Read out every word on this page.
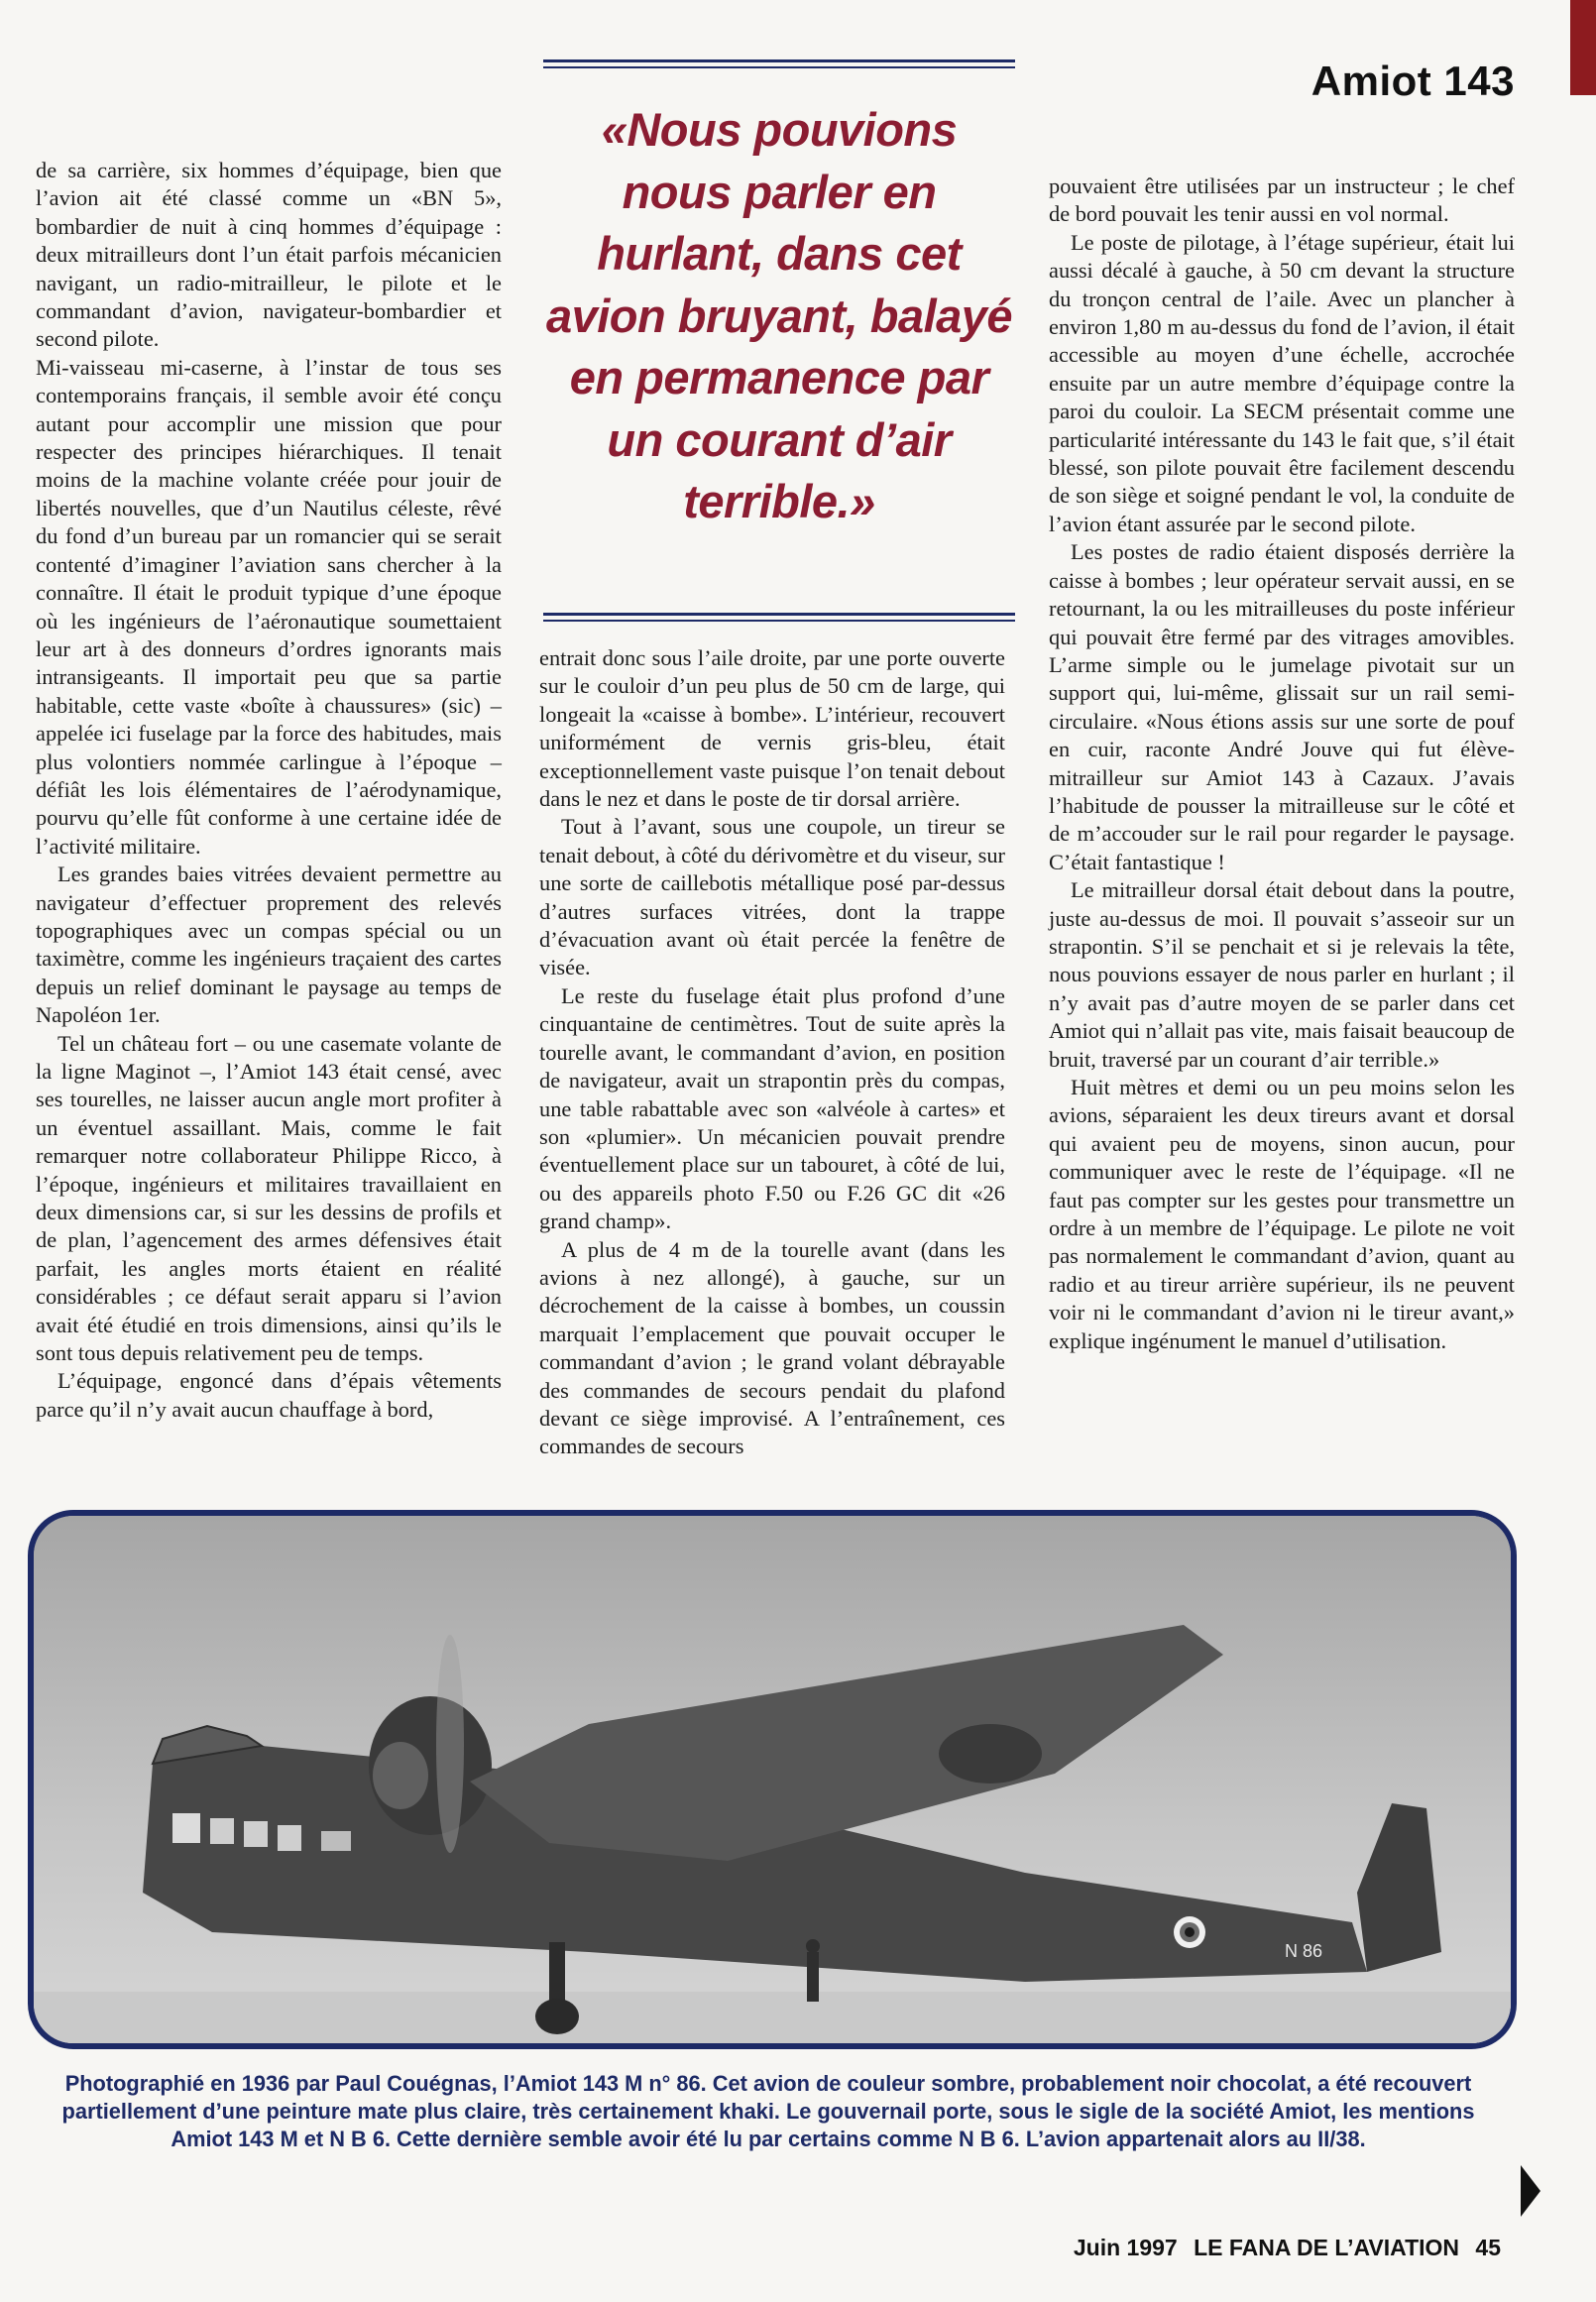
Amiot 143

de sa carrière, six hommes d’équipage, bien que l’avion ait été classé comme un «BN 5», bombardier de nuit à cinq hommes d’équipage : deux mitrailleurs dont l’un était parfois mécanicien navigant, un radio-mitrailleur, le pilote et le commandant d’avion, navigateur-bombardier et second pilote.

Mi-vaisseau mi-caserne, à l’instar de tous ses contemporains français, il semble avoir été conçu autant pour accomplir une mission que pour respecter des principes hiérarchiques. Il tenait moins de la machine volante créée pour jouir de libertés nouvelles, que d’un Nautilus céleste, rêvé du fond d’un bureau par un romancier qui se serait contenté d’imaginer l’aviation sans chercher à la connaître. Il était le produit typique d’une époque où les ingénieurs de l’aéronautique soumettaient leur art à des donneurs d’ordres ignorants mais intransigeants. Il importait peu que sa partie habitable, cette vaste «boîte à chaussures» (sic) – appelée ici fuselage par la force des habitudes, mais plus volontiers nommée carlingue à l’époque – défiât les lois élémentaires de l’aérodynamique, pourvu qu’elle fût conforme à une certaine idée de l’activité militaire.

Les grandes baies vitrées devaient permettre au navigateur d’effectuer proprement des relevés topographiques avec un compas spécial ou un taximètre, comme les ingénieurs traçaient des cartes depuis un relief dominant le paysage au temps de Napoléon 1er.

Tel un château fort – ou une casemate volante de la ligne Maginot –, l’Amiot 143 était censé, avec ses tourelles, ne laisser aucun angle mort profiter à un éventuel assaillant. Mais, comme le fait remarquer notre collaborateur Philippe Ricco, à l’époque, ingénieurs et militaires travaillaient en deux dimensions car, si sur les dessins de profils et de plan, l’agencement des armes défensives était parfait, les angles morts étaient en réalité considérables ; ce défaut serait apparu si l’avion avait été étudié en trois dimensions, ainsi qu’ils le sont tous depuis relativement peu de temps.

L’équipage, engoncé dans d’épais vêtements parce qu’il n’y avait aucun chauffage à bord,

«Nous pouvions nous parler en hurlant, dans cet avion bruyant, balayé en permanence par un courant d’air terrible.»

entrait donc sous l’aile droite, par une porte ouverte sur le couloir d’un peu plus de 50 cm de large, qui longeait la «caisse à bombe». L’intérieur, recouvert uniformément de vernis gris-bleu, était exceptionnellement vaste puisque l’on tenait debout dans le nez et dans le poste de tir dorsal arrière.

Tout à l’avant, sous une coupole, un tireur se tenait debout, à côté du dérivomètre et du viseur, sur une sorte de caillebotis métallique posé par-dessus d’autres surfaces vitrées, dont la trappe d’évacuation avant où était percée la fenêtre de visée.

Le reste du fuselage était plus profond d’une cinquantaine de centimètres. Tout de suite après la tourelle avant, le commandant d’avion, en position de navigateur, avait un strapontin près du compas, une table rabattable avec son «alvéole à cartes» et son «plumier». Un mécanicien pouvait prendre éventuellement place sur un tabouret, à côté de lui, ou des appareils photo F.50 ou F.26 GC dit «26 grand champ».

A plus de 4 m de la tourelle avant (dans les avions à nez allongé), à gauche, sur un décrochement de la caisse à bombes, un coussin marquait l’emplacement que pouvait occuper le commandant d’avion ; le grand volant débrayable des commandes de secours pendait du plafond devant ce siège improvisé. A l’entraînement, ces commandes de secours

pouvaient être utilisées par un instructeur ; le chef de bord pouvait les tenir aussi en vol normal.

Le poste de pilotage, à l’étage supérieur, était lui aussi décalé à gauche, à 50 cm devant la structure du tronçon central de l’aile. Avec un plancher à environ 1,80 m au-dessus du fond de l’avion, il était accessible au moyen d’une échelle, accrochée ensuite par un autre membre d’équipage contre la paroi du couloir. La SECM présentait comme une particularité intéressante du 143 le fait que, s’il était blessé, son pilote pouvait être facilement descendu de son siège et soigné pendant le vol, la conduite de l’avion étant assurée par le second pilote.

Les postes de radio étaient disposés derrière la caisse à bombes ; leur opérateur servait aussi, en se retournant, la ou les mitrailleuses du poste inférieur qui pouvait être fermé par des vitrages amovibles. L’arme simple ou le jumelage pivotait sur un support qui, lui-même, glissait sur un rail semi-circulaire. «Nous étions assis sur une sorte de pouf en cuir, raconte André Jouve qui fut élève-mitrailleur sur Amiot 143 à Cazaux. J’avais l’habitude de pousser la mitrailleuse sur le côté et de m’accouder sur le rail pour regarder le paysage. C’était fantastique !

Le mitrailleur dorsal était debout dans la poutre, juste au-dessus de moi. Il pouvait s’asseoir sur un strapontin. S’il se penchait et si je relevais la tête, nous pouvions essayer de nous parler en hurlant ; il n’y avait pas d’autre moyen de se parler dans cet Amiot qui n’allait pas vite, mais faisait beaucoup de bruit, traversé par un courant d’air terrible.»

Huit mètres et demi ou un peu moins selon les avions, séparaient les deux tireurs avant et dorsal qui avaient peu de moyens, sinon aucun, pour communiquer avec le reste de l’équipage. «Il ne faut pas compter sur les gestes pour transmettre un ordre à un membre de l’équipage. Le pilote ne voit pas normalement le commandant d’avion, quant au radio et au tireur arrière supérieur, ils ne peuvent voir ni le commandant d’avion ni le tireur avant,» explique ingénument le manuel d’utilisation.

N 86

Photographié en 1936 par Paul Couégnas, l’Amiot 143 M n° 86. Cet avion de couleur sombre, probablement noir chocolat, a été recouvert partiellement d’une peinture mate plus claire, très certainement khaki. Le gouvernail porte, sous le sigle de la société Amiot, les mentions Amiot 143 M et N B 6. Cette dernière semble avoir été lu par certains comme N B 6. L’avion appartenait alors au II/38.

Juin 1997 LE FANA DE L’AVIATION 45
